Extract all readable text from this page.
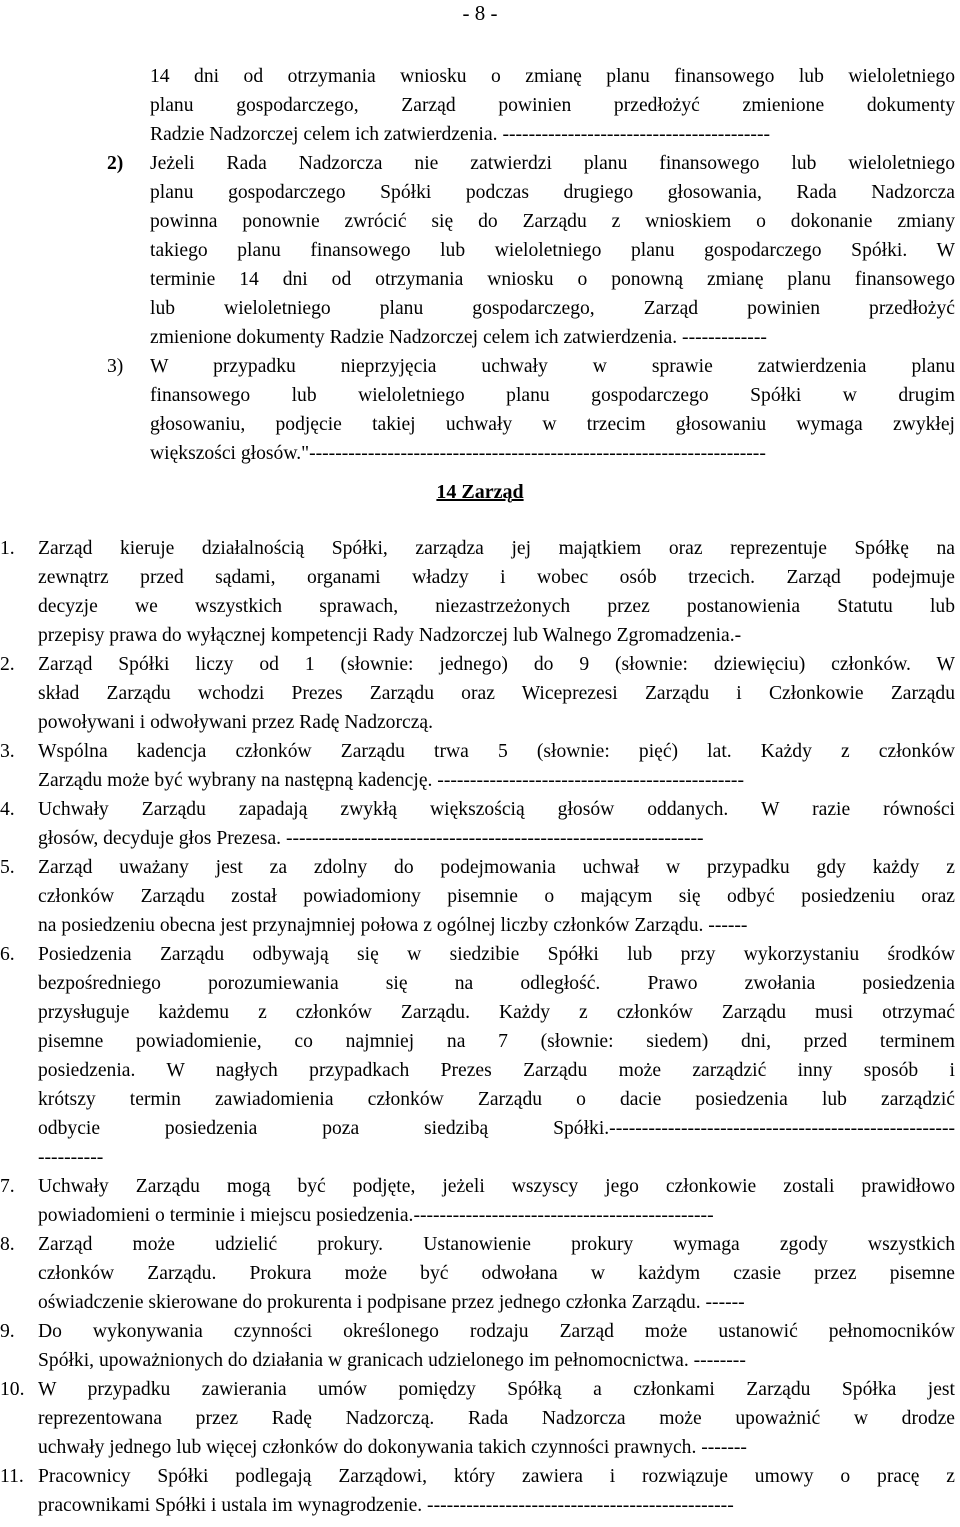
- 8 -
14 dni od otrzymania wniosku o zmianę planu finansowego lub wieloletniego
planu gospodarczego, Zarząd powinien przedłożyć zmienione dokumenty
Radzie Nadzorczej celem ich zatwierdzenia. -----------------------------------------
2) Jeżeli Rada Nadzorcza nie zatwierdzi planu finansowego lub wieloletniego
planu gospodarczego Spółki podczas drugiego głosowania, Rada Nadzorcza
powinna ponownie zwrócić się do Zarządu z wnioskiem o dokonanie zmiany
takiego planu finansowego lub wieloletniego planu gospodarczego Spółki. W
terminie 14 dni od otrzymania wniosku o ponowną zmianę planu finansowego
lub wieloletniego planu gospodarczego, Zarząd powinien przedłożyć
zmienione dokumenty Radzie Nadzorczej celem ich zatwierdzenia. -------------
3) W przypadku nieprzyjęcia uchwały w sprawie zatwierdzenia planu
finansowego lub wieloletniego planu gospodarczego Spółki w drugim
głosowaniu, podjęcie takiej uchwały w trzecim głosowaniu wymaga zwykłej
większości głosów."----------------------------------------------------------------------
14 Zarząd
1. Zarząd kieruje działalnością Spółki, zarządza jej majątkiem oraz reprezentuje Spółkę na
zewnątrz przed sądami, organami władzy i wobec osób trzecich. Zarząd podejmuje
decyzje we wszystkich sprawach, niezastrzeżonych przez postanowienia Statutu lub
przepisy prawa do wyłącznej kompetencji Rady Nadzorczej lub Walnego Zgromadzenia.-
2. Zarząd Spółki liczy od 1 (słownie: jednego) do 9 (słownie: dziewięciu) członków. W
skład Zarządu wchodzi Prezes Zarządu oraz Wiceprezesi Zarządu i Członkowie Zarządu
powoływani i odwoływani przez Radę Nadzorczą.
3. Wspólna kadencja członków Zarządu trwa 5 (słownie: pięć) lat. Każdy z członków
Zarządu może być wybrany na następną kadencję. -----------------------------------------------
4. Uchwały Zarządu zapadają zwykłą większością głosów oddanych. W razie równości
głosów, decyduje głos Prezesa. ----------------------------------------------------------------
5. Zarząd uważany jest za zdolny do podejmowania uchwał w przypadku gdy każdy z
członków Zarządu został powiadomiony pisemnie o mającym się odbyć posiedzeniu oraz
na posiedzeniu obecna jest przynajmniej połowa z ogólnej liczby członków Zarządu. ------
6. Posiedzenia Zarządu odbywają się w siedzibie Spółki lub przy wykorzystaniu środków
bezpośredniego porozumiewania się na odległość. Prawo zwołania posiedzenia
przysługuje każdemu z członków Zarządu. Każdy z członków Zarządu musi otrzymać
pisemne powiadomienie, co najmniej na 7 (słownie: siedem) dni, przed terminem
posiedzenia. W nagłych przypadkach Prezes Zarządu może zarządzić inny sposób i
krótszy termin zawiadomienia członków Zarządu o dacie posiedzenia lub zarządzić
odbycie posiedzenia poza siedzibą Spółki.-----------------------------------------------------
----------
7. Uchwały Zarządu mogą być podjęte, jeżeli wszyscy jego członkowie zostali prawidłowo
powiadomieni o terminie i miejscu posiedzenia.----------------------------------------------
8. Zarząd może udzielić prokury. Ustanowienie prokury wymaga zgody wszystkich
członków Zarządu. Prokura może być odwołana w każdym czasie przez pisemne
oświadczenie skierowane do prokurenta i podpisane przez jednego członka Zarządu. ------
9. Do wykonywania czynności określonego rodzaju Zarząd może ustanowić pełnomocników
Spółki, upoważnionych do działania w granicach udzielonego im pełnomocnictwa. --------
10. W przypadku zawierania umów pomiędzy Spółką a członkami Zarządu Spółka jest
reprezentowana przez Radę Nadzorczą. Rada Nadzorcza może upoważnić w drodze
uchwały jednego lub więcej członków do dokonywania takich czynności prawnych. -------
11. Pracownicy Spółki podlegają Zarządowi, który zawiera i rozwiązuje umowy o pracę z
pracownikami Spółki i ustala im wynagrodzenie. -----------------------------------------------
